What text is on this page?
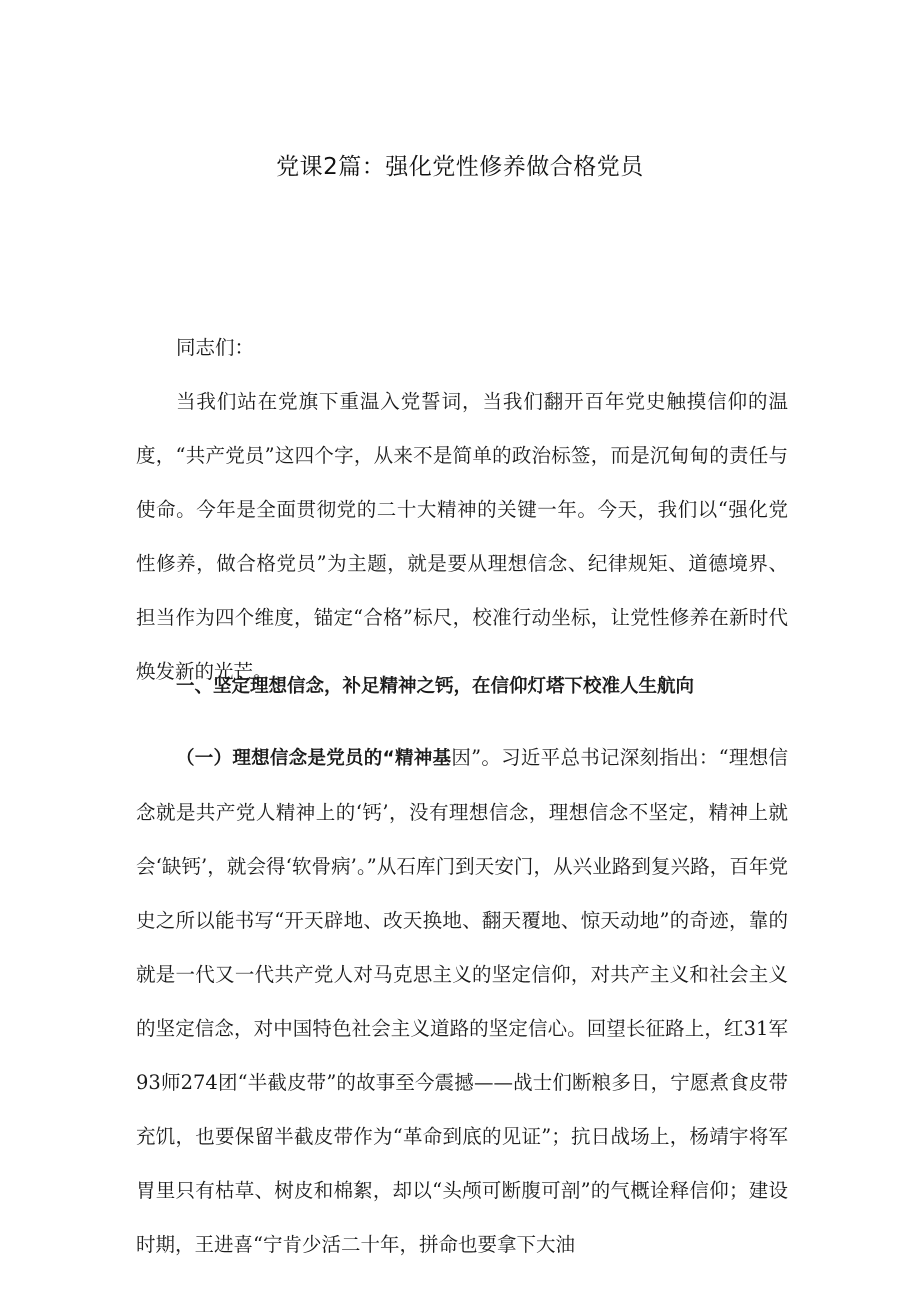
党课2篇：强化党性修养做合格党员
同志们：
当我们站在党旗下重温入党誓词，当我们翻开百年党史触摸信仰的温度，“共产党员”这四个字，从来不是简单的政治标签，而是沉甸甸的责任与使命。今年是全面贯彻党的二十大精神的关键一年。今天，我们以“强化党性修养，做合格党员”为主题，就是要从理想信念、纪律规矩、道德境界、担当作为四个维度，锚定“合格”标尺，校准行动坐标，让党性修养在新时代焕发新的光芒。
一、坚定理想信念，补足精神之钙，在信仰灯塔下校准人生航向
（一）理想信念是党员的“精神基因”。习近平总书记深刻指出：“理想信念就是共产党人精神上的‘钙’，没有理想信念，理想信念不坚定，精神上就会‘缺钙’，就会得‘软骨病’。”从石库门到天安门，从兴业路到复兴路，百年党史之所以能书写“开天辟地、改天换地、翻天覆地、惊天动地”的奇迹，靠的就是一代又一代共产党人对马克思主义的坚定信仰，对共产主义和社会主义的坚定信念，对中国特色社会主义道路的坚定信心。回望长征路上，红31军93师274团“半截皮带”的故事至今震撼——战士们断粮多日，宁愿煮食皮带充饥，也要保留半截皮带作为“革命到底的见证”；抗日战场上，杨靖宇将军胃里只有枯草、树皮和棉絮，却以“头颅可断腹可剖”的气概诠释信仰；建设时期，王进喜“宁肯少活二十年，拼命也要拿下大油
